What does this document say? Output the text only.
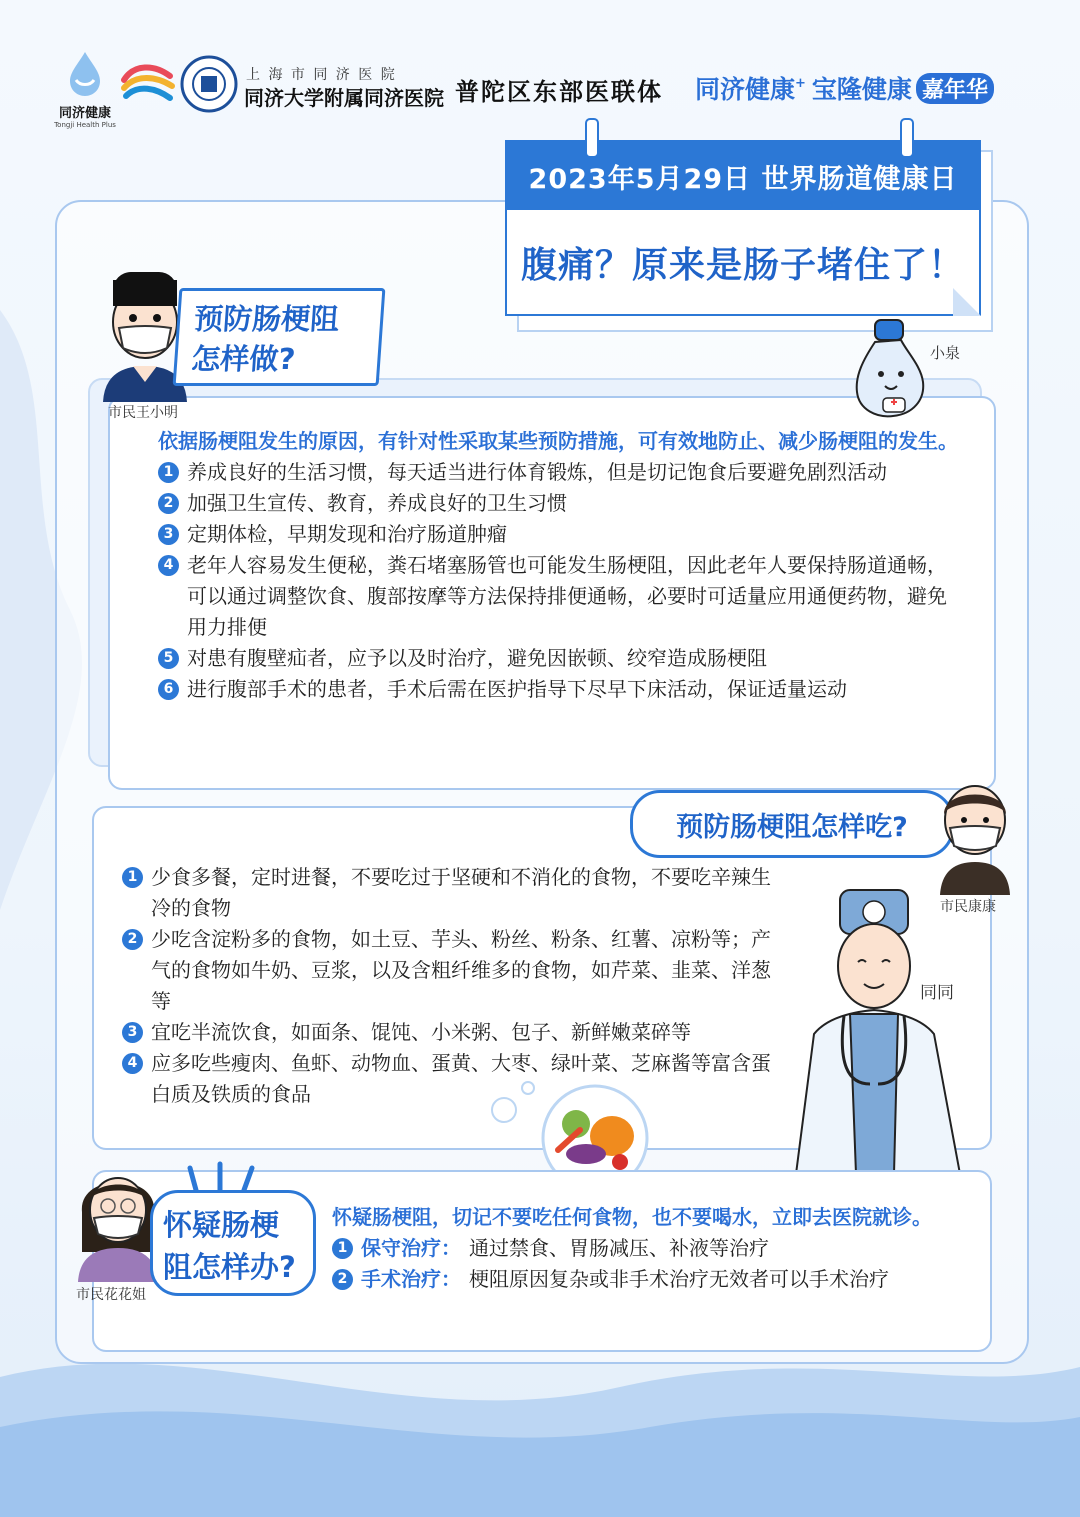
同济健康
Tongji Health Plus
上 海 市 同 济 医 院
同济大学附属同济医院 普陀区东部医联体 同济健康 + 宝隆健康 嘉年华
2023年5月29日 世界肠道健康日
腹痛？原来是肠子堵住了！
市民王小明
预防肠梗阻
怎样做?	小泉
依据肠梗阻发生的原因，有针对性采取某些预防措施，可有效地防止、减少肠梗阻的发生。
1 养成良好的生活习惯，每天适当进行体育锻炼，但是切记饱食后要避免剧烈活动
2 加强卫生宣传、教育，养成良好的卫生习惯
3 定期体检，早期发现和治疗肠道肿瘤
4 老年人容易发生便秘，粪石堵塞肠管也可能发生肠梗阻，因此老年人要保持肠道通畅，可以通过调整饮食、腹部按摩等方法保持排便通畅，必要时可适量应用通便药物，避免用力排便
5 对患有腹壁疝者，应予以及时治疗，避免因嵌顿、绞窄造成肠梗阻
6 进行腹部手术的患者，手术后需在医护指导下尽早下床活动，保证适量运动
预防肠梗阻怎样吃?
市民康康
1 少食多餐，定时进餐，不要吃过于坚硬和不消化的食物，不要吃辛辣生冷的食物
2 少吃含淀粉多的食物，如土豆、芋头、粉丝、粉条、红薯、凉粉等；产气的食物如牛奶、豆浆，以及含粗纤维多的食物，如芹菜、韭菜、洋葱等
3 宜吃半流饮食，如面条、馄饨、小米粥、包子、新鲜嫩菜碎等
4 应多吃些瘦肉、鱼虾、动物血、蛋黄、大枣、绿叶菜、芝麻酱等富含蛋白质及铁质的食品
同同
市民花花姐
怀疑肠梗
阻怎样办?
怀疑肠梗阻，切记不要吃任何食物，也不要喝水，立即去医院就诊。
1 保守治疗： 通过禁食、胃肠减压、补液等治疗
2 手术治疗： 梗阻原因复杂或非手术治疗无效者可以手术治疗
